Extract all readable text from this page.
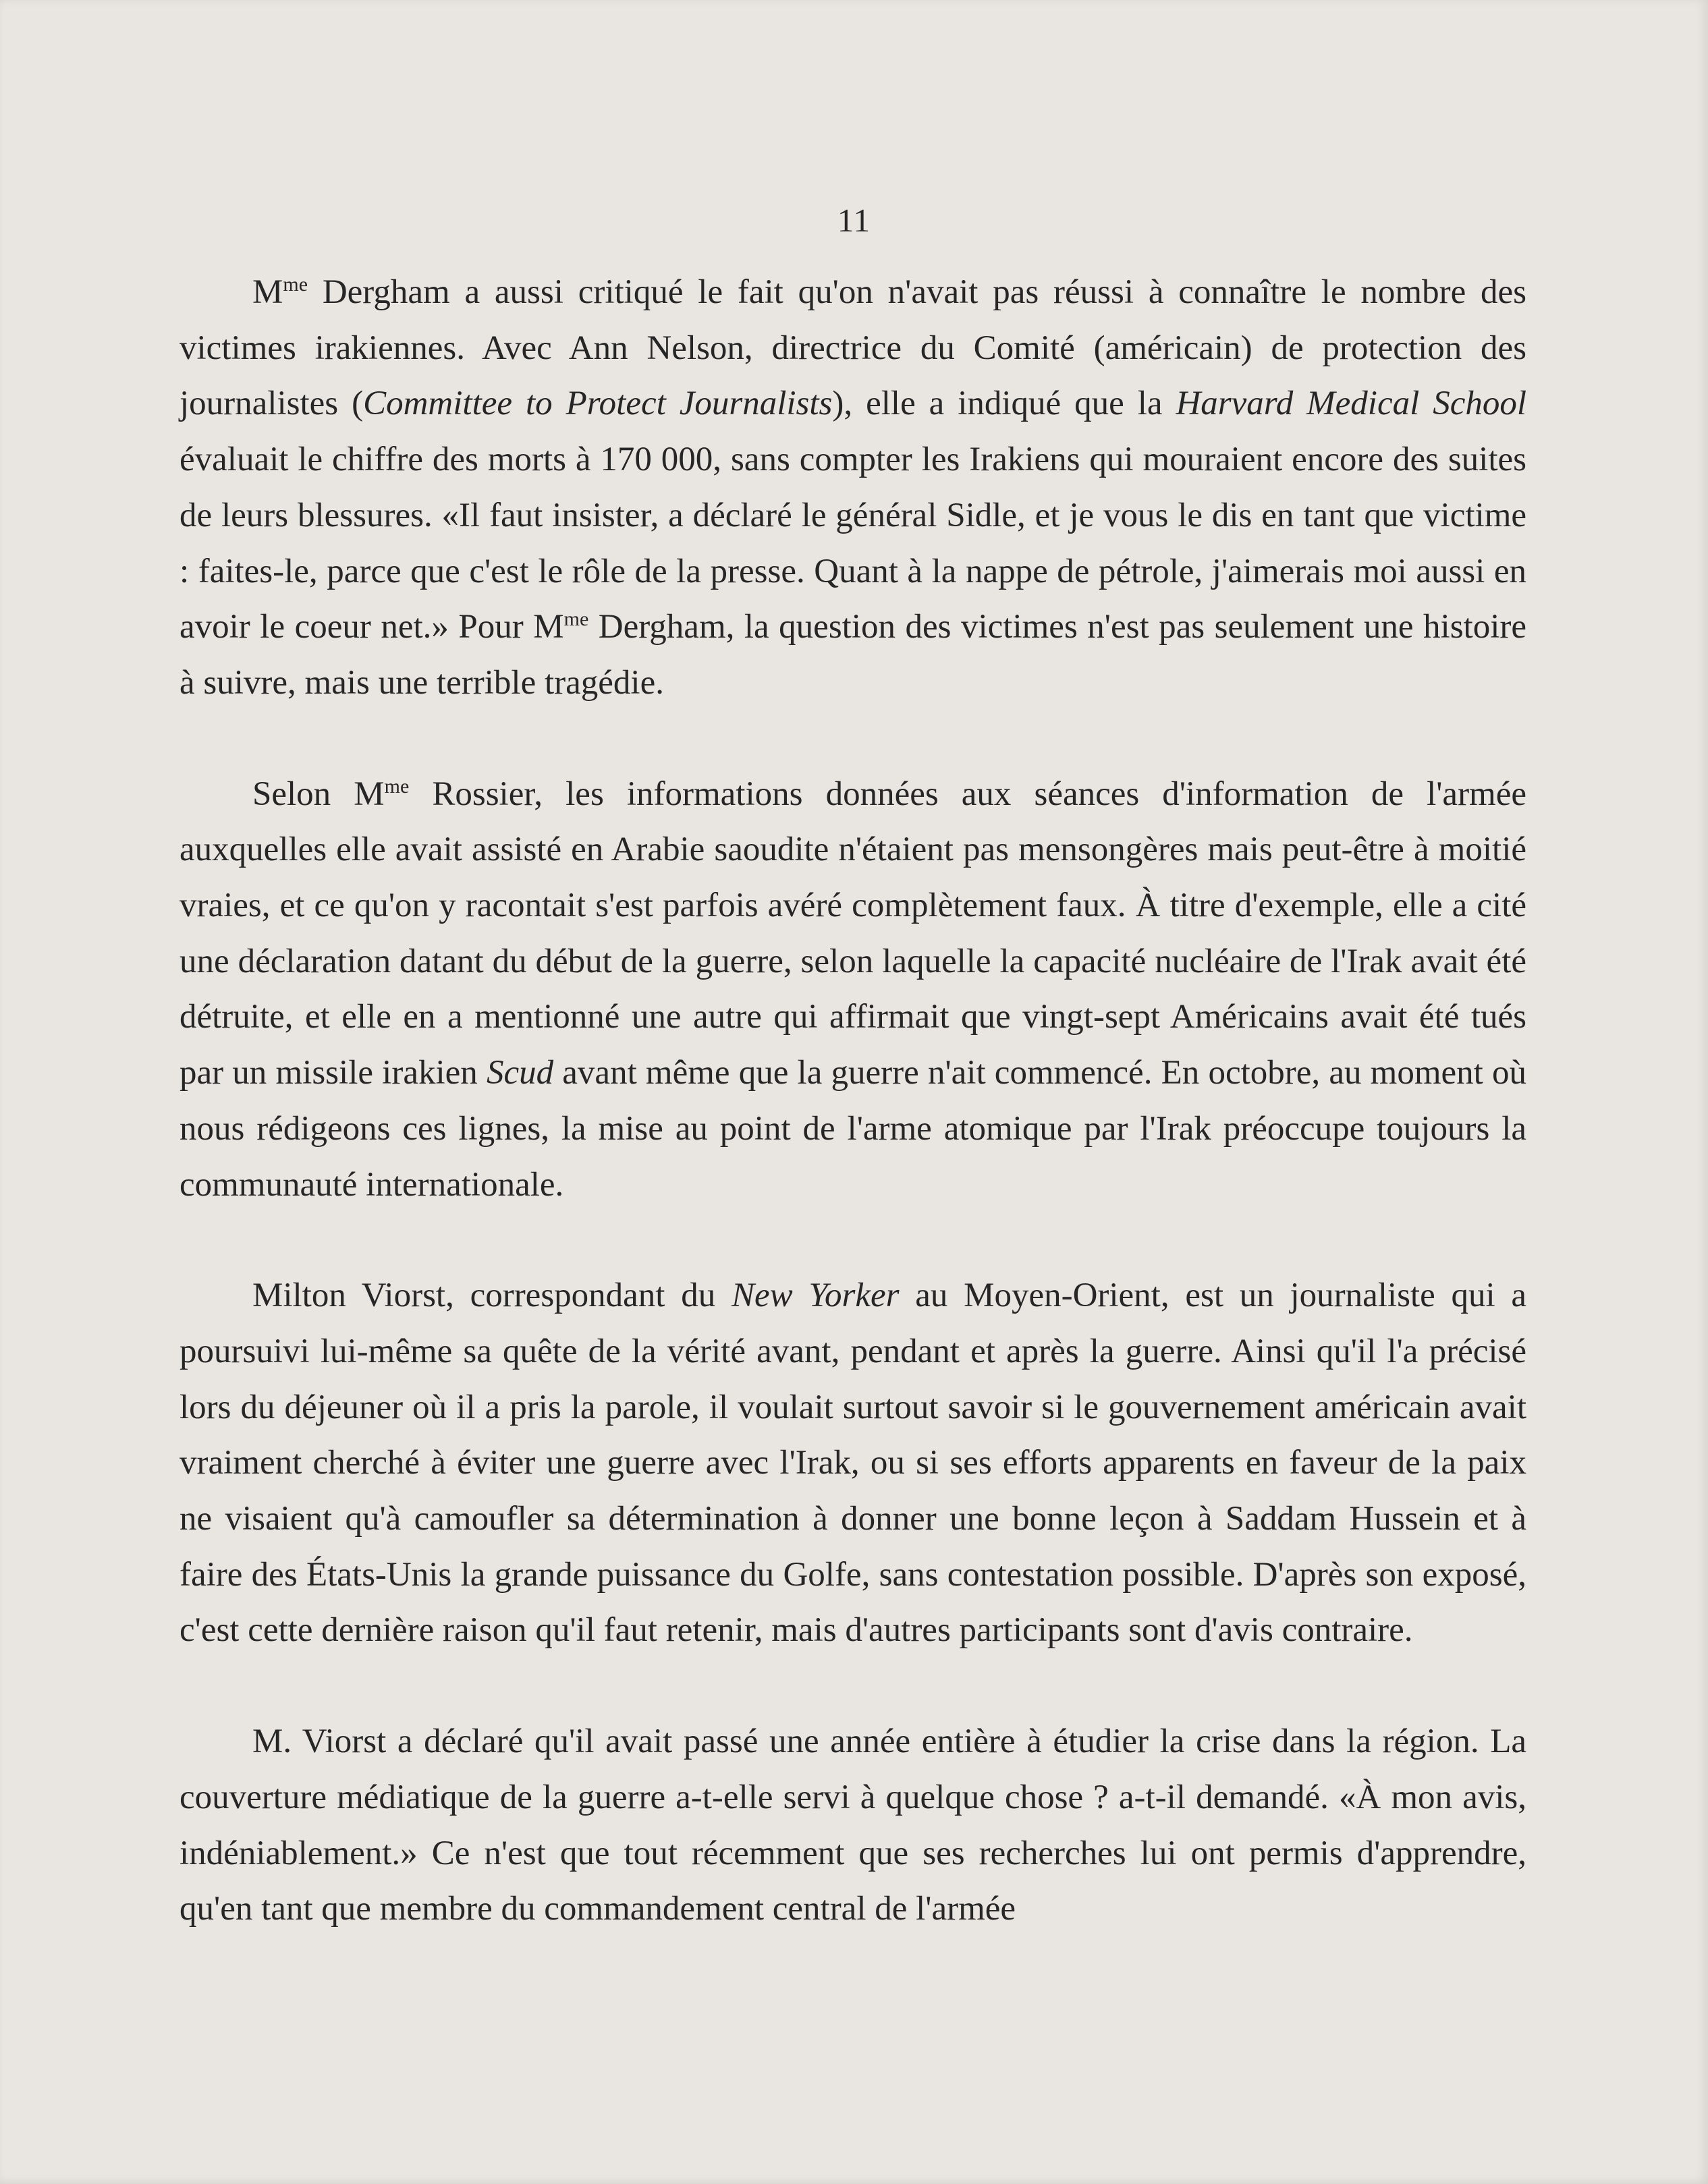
11

$M^{me}$ Dergham a aussi critiqué le fait qu'on n'avait pas réussi à connaître le nombre des victimes irakiennes. Avec Ann Nelson, directrice du Comité (américain) de protection des journalistes (Committee to Protect Journalists), elle a indiqué que la Harvard Medical School évaluait le chiffre des morts à 170 000, sans compter les Irakiens qui mouraient encore des suites de leurs blessures. «Il faut insister, a déclaré le général Sidle, et je vous le dis en tant que victime : faites-le, parce que c'est le rôle de la presse. Quant à la nappe de pétrole, j'aimerais moi aussi en avoir le coeur net.» Pour $M^{me}$ Dergham, la question des victimes n'est pas seulement une histoire à suivre, mais une terrible tragédie.

Selon $M^{me}$ Rossier, les informations données aux séances d'information de l'armée auxquelles elle avait assisté en Arabie saoudite n'étaient pas mensongères mais peut-être à moitié vraies, et ce qu'on y racontait s'est parfois avéré complètement faux. À titre d'exemple, elle a cité une déclaration datant du début de la guerre, selon laquelle la capacité nucléaire de l'Irak avait été détruite, et elle en a mentionné une autre qui affirmait que vingt-sept Américains avait été tués par un missile irakien Scud avant même que la guerre n'ait commencé. En octobre, au moment où nous rédigeons ces lignes, la mise au point de l'arme atomique par l'Irak préoccupe toujours la communauté internationale.

Milton Viorst, correspondant du New Yorker au Moyen-Orient, est un journaliste qui a poursuivi lui-même sa quête de la vérité avant, pendant et après la guerre. Ainsi qu'il l'a précisé lors du déjeuner où il a pris la parole, il voulait surtout savoir si le gouvernement américain avait vraiment cherché à éviter une guerre avec l'Irak, ou si ses efforts apparents en faveur de la paix ne visaient qu'à camoufler sa détermination à donner une bonne leçon à Saddam Hussein et à faire des États-Unis la grande puissance du Golfe, sans contestation possible. D'après son exposé, c'est cette dernière raison qu'il faut retenir, mais d'autres participants sont d'avis contraire.

M. Viorst a déclaré qu'il avait passé une année entière à étudier la crise dans la région. La couverture médiatique de la guerre a-t-elle servi à quelque chose ? a-t-il demandé. «À mon avis, indéniablement.» Ce n'est que tout récemment que ses recherches lui ont permis d'apprendre, qu'en tant que membre du commandement central de l'armée
